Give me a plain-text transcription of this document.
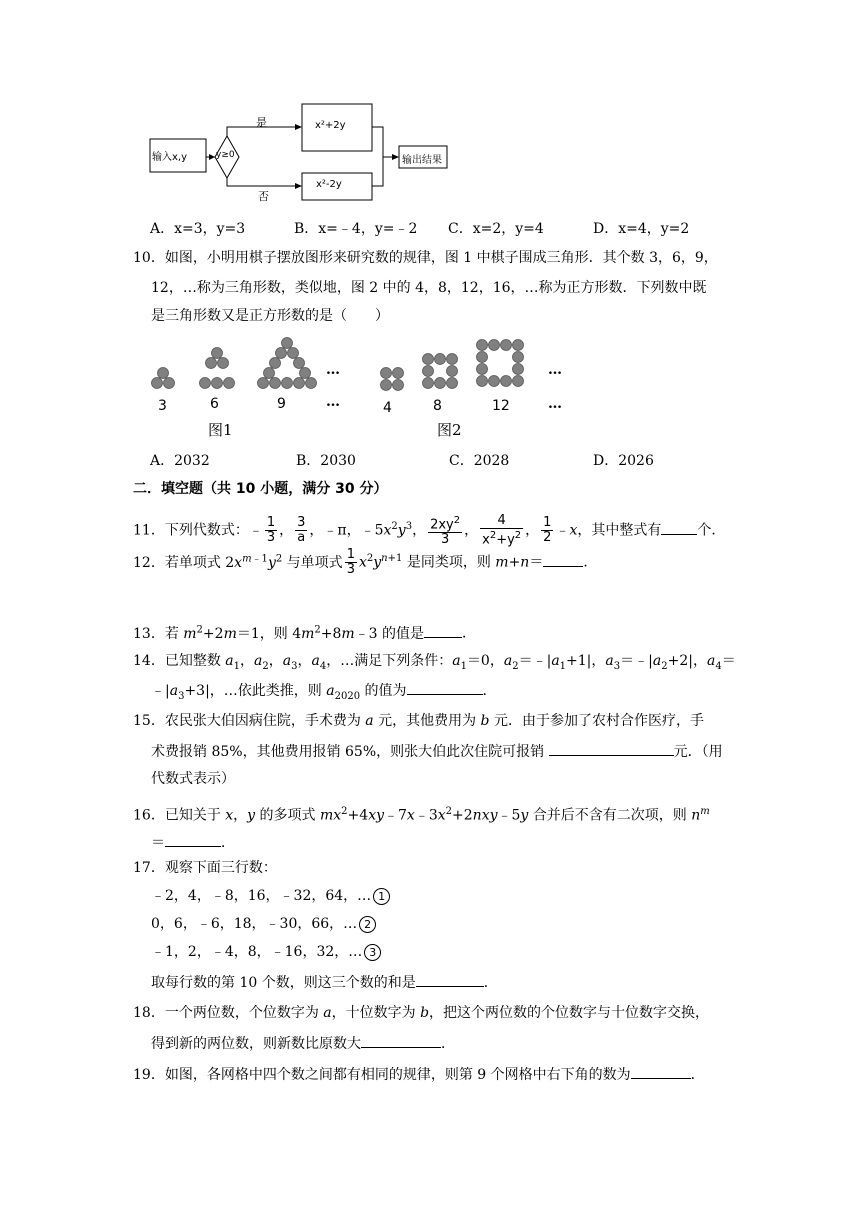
输入x,y	y≥0
是
否
x²+2y
x²-2y
输出结果
A．x=3，y=3	B．x=﹣4，y=﹣2 C．x=2，y=4	D．x=4，y=2
10．如图，小明用棋子摆放图形来研究数的规律，图 1 中棋子围成三角形．其个数 3，6，9，
12，…称为三角形数，类似地，图 2 中的 4，8，12，16，…称为正方形数．下列数中既
是三角形数又是正方形数的是（　　）
3	6	9
…
…	4	8	12
…
…
图1	图2
A．2032	B．2030	C．2028	D．2026
二．填空题（共 10 小题，满分 30 分）
11．下列代数式：﹣ $\frac{1}{3}$ ， $\frac{3}{a}$ ，﹣π，$﹣5x^2y^3$， $\frac{2xy^2}{3}$ ， $\frac{4}{x^2+y^2}$ ， $\frac{1}{2}$ ﹣x，其中整式有	个．
12．若单项式 $2x^{m﹣1}y^2$ 与单项式 $\frac{1}{3} x^2y^{n+1}$ 是同类项，则 m+n＝	．
13．若 $m^2+2m=1$，则 $4m^2+8m﹣3$ 的值是	．
14．已知整数 $a_1$，$a_2$，$a_3$，$a_4$，…满足下列条件：$a_1=0$，$a_2=﹣|a_1+1|$，$a_3=﹣|a_2+2|$，$a_4=$
$﹣|a_3+3|$，…依此类推，则 $a_{2020}$ 的值为	．
15．农民张大伯因病住院，手术费为 a 元，其他费用为 b 元．由于参加了农村合作医疗，手
术费报销 85%，其他费用报销 65%，则张大伯此次住院可报销	元．（用
代数式表示）
16．已知关于 x，y 的多项式 $mx^2+4xy﹣7x﹣3x^2+2nxy﹣5y$ 合并后不含有二次项，则 $n^m$
＝	．
17．观察下面三行数：
﹣2，4，﹣8，16，﹣32，64，… 1
0，6，﹣6，18，﹣30，66，… 2
﹣1，2，﹣4，8，﹣16，32，… 3
取每行数的第 10 个数，则这三个数的和是	．
18．一个两位数，个位数字为 a，十位数字为 b，把这个两位数的个位数字与十位数字交换，
得到新的两位数，则新数比原数大	．
19．如图，各网格中四个数之间都有相同的规律，则第 9 个网格中右下角的数为	．
